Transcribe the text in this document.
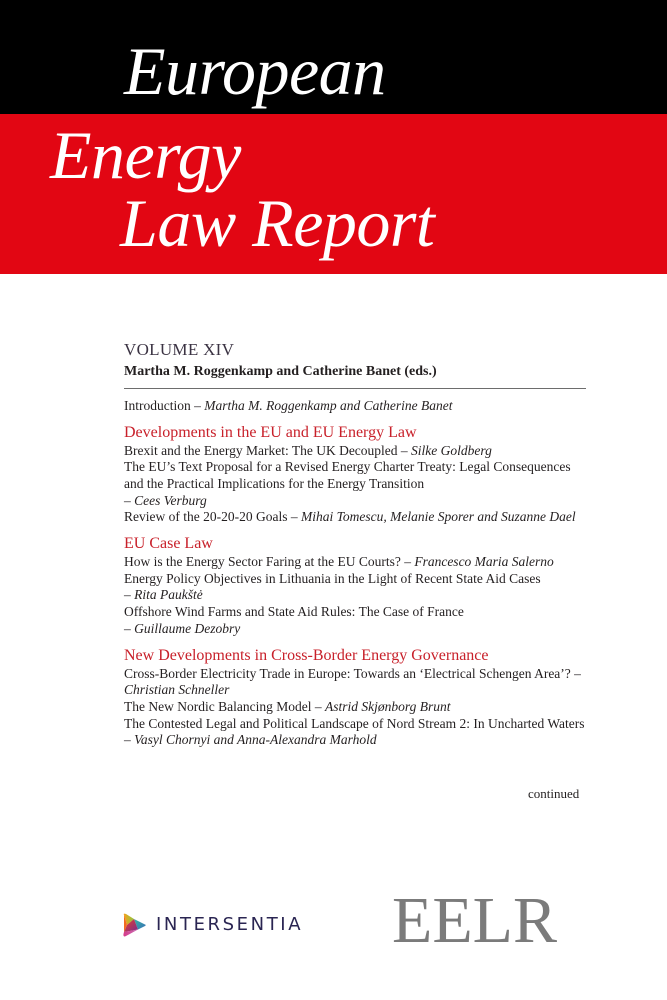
European
Energy
Law Report
VOLUME XIV
Martha M. Roggenkamp and Catherine Banet (eds.)
Introduction – Martha M. Roggenkamp and Catherine Banet
Developments in the EU and EU Energy Law
Brexit and the Energy Market: The UK Decoupled – Silke Goldberg
The EU’s Text Proposal for a Revised Energy Charter Treaty: Legal Consequences and the Practical Implications for the Energy Transition
– Cees Verburg
Review of the 20-20-20 Goals – Mihai Tomescu, Melanie Sporer and Suzanne Dael
EU Case Law
How is the Energy Sector Faring at the EU Courts? – Francesco Maria Salerno
Energy Policy Objectives in Lithuania in the Light of Recent State Aid Cases
– Rita Paukštė
Offshore Wind Farms and State Aid Rules: The Case of France
– Guillaume Dezobry
New Developments in Cross-Border Energy Governance
Cross-Border Electricity Trade in Europe: Towards an ‘Electrical Schengen Area’? – Christian Schneller
The New Nordic Balancing Model – Astrid Skjønborg Brunt
The Contested Legal and Political Landscape of Nord Stream 2: In Uncharted Waters – Vasyl Chornyi and Anna-Alexandra Marhold
continued
INTERSENTIA EELR
